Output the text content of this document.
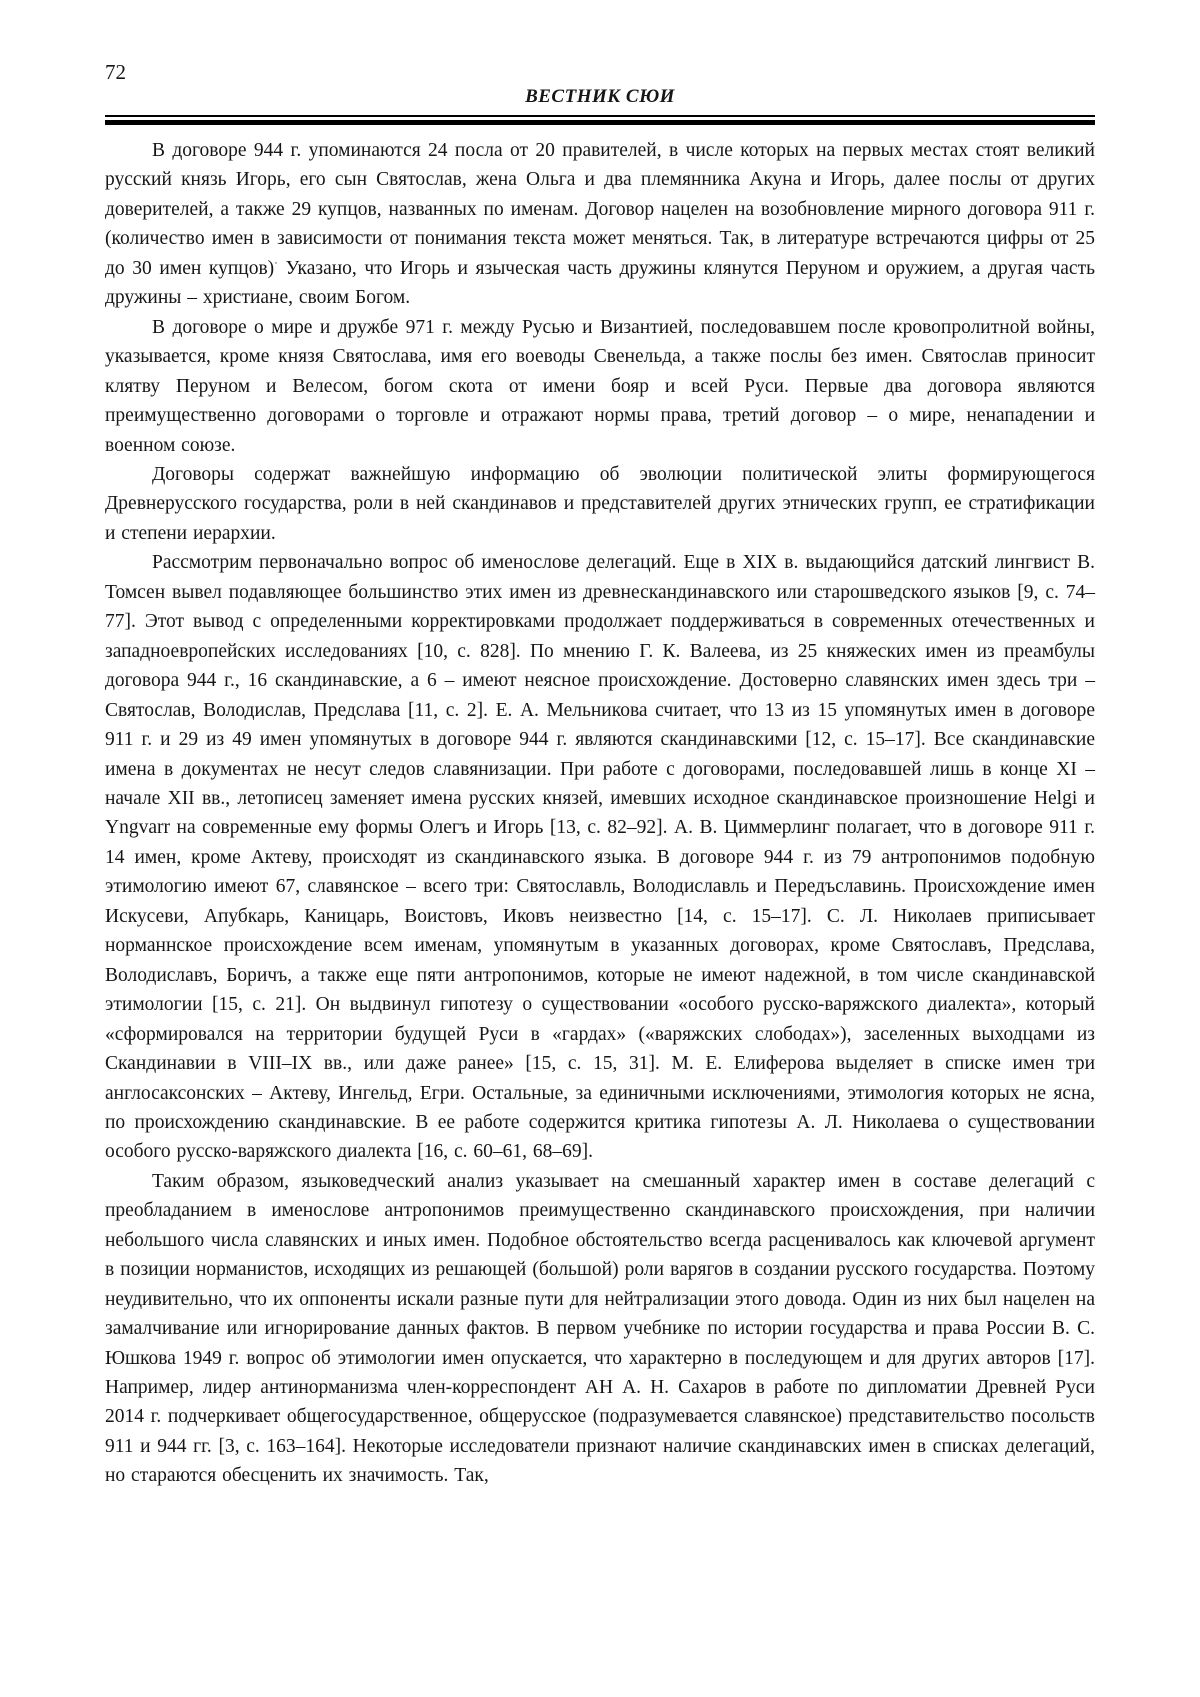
72
ВЕСТНИК СЮИ

В договоре 944 г. упоминаются 24 посла от 20 правителей, в числе которых на первых местах стоят великий русский князь Игорь, его сын Святослав, жена Ольга и два племянника Акуна и Игорь, далее послы от других доверителей, а также 29 купцов, названных по именам. Договор нацелен на возобновление мирного договора 911 г. (количество имен в зависимости от понимания текста может меняться. Так, в литературе встречаются цифры от 25 до 30 имен купцов)· Указано, что Игорь и языческая часть дружины клянутся Перуном и оружием, а другая часть дружины – христиане, своим Богом.

В договоре о мире и дружбе 971 г. между Русью и Византией, последовавшем после кровопролитной войны, указывается, кроме князя Святослава, имя его воеводы Свенельда, а также послы без имен. Святослав приносит клятву Перуном и Велесом, богом скота от имени бояр и всей Руси. Первые два договора являются преимущественно договорами о торговле и отражают нормы права, третий договор – о мире, ненападении и военном союзе.

Договоры содержат важнейшую информацию об эволюции политической элиты формирующегося Древнерусского государства, роли в ней скандинавов и представителей других этнических групп, ее стратификации и степени иерархии.

Рассмотрим первоначально вопрос об именослове делегаций. Еще в XIX в. выдающийся датский лингвист В. Томсен вывел подавляющее большинство этих имен из древнескандинавского или старошведского языков [9, с. 74–77]. Этот вывод с определенными корректировками продолжает поддерживаться в современных отечественных и западноевропейских исследованиях [10, с. 828]. По мнению Г. К. Валеева, из 25 княжеских имен из преамбулы договора 944 г., 16 скандинавские, а 6 – имеют неясное происхождение. Достоверно славянских имен здесь три – Святослав, Володислав, Предслава [11, с. 2]. Е. А. Мельникова считает, что 13 из 15 упомянутых имен в договоре 911 г. и 29 из 49 имен упомянутых в договоре 944 г. являются скандинавскими [12, с. 15–17]. Все скандинавские имена в документах не несут следов славянизации. При работе с договорами, последовавшей лишь в конце XI – начале XII вв., летописец заменяет имена русских князей, имевших исходное скандинавское произношение Helgi и Yngvarr на современные ему формы Олегъ и Игорь [13, с. 82–92]. А. В. Циммерлинг полагает, что в договоре 911 г. 14 имен, кроме Актеву, происходят из скандинавского языка. В договоре 944 г. из 79 антропонимов подобную этимологию имеют 67, славянское – всего три: Святославль, Володиславль и Передъславинь. Происхождение имен Искусеви, Апубкарь, Каницарь, Воистовъ, Иковъ неизвестно [14, с. 15–17]. С. Л. Николаев приписывает норманнское происхождение всем именам, упомянутым в указанных договорах, кроме Святославъ, Предслава, Володиславъ, Боричъ, а также еще пяти антропонимов, которые не имеют надежной, в том числе скандинавской этимологии [15, с. 21]. Он выдвинул гипотезу о существовании «особого русско-варяжского диалекта», который «сформировался на территории будущей Руси в «гардах» («варяжских слободах»), заселенных выходцами из Скандинавии в VIII–IX вв., или даже ранее» [15, с. 15, 31]. М. Е. Елиферова выделяет в списке имен три англосаксонских – Актеву, Ингельд, Егри. Остальные, за единичными исключениями, этимология которых не ясна, по происхождению скандинавские. В ее работе содержится критика гипотезы А. Л. Николаева о существовании особого русско-варяжского диалекта [16, с. 60–61, 68–69].

Таким образом, языковедческий анализ указывает на смешанный характер имен в составе делегаций с преобладанием в именослове антропонимов преимущественно скандинавского происхождения, при наличии небольшого числа славянских и иных имен. Подобное обстоятельство всегда расценивалось как ключевой аргумент в позиции норманистов, исходящих из решающей (большой) роли варягов в создании русского государства. Поэтому неудивительно, что их оппоненты искали разные пути для нейтрализации этого довода. Один из них был нацелен на замалчивание или игнорирование данных фактов. В первом учебнике по истории государства и права России В. С. Юшкова 1949 г. вопрос об этимологии имен опускается, что характерно в последующем и для других авторов [17]. Например, лидер антинорманизма член-корреспондент АН А. Н. Сахаров в работе по дипломатии Древней Руси 2014 г. подчеркивает общегосударственное, общерусское (подразумевается славянское) представительство посольств 911 и 944 гг. [3, с. 163–164]. Некоторые исследователи признают наличие скандинавских имен в списках делегаций, но стараются обесценить их значимость. Так,
